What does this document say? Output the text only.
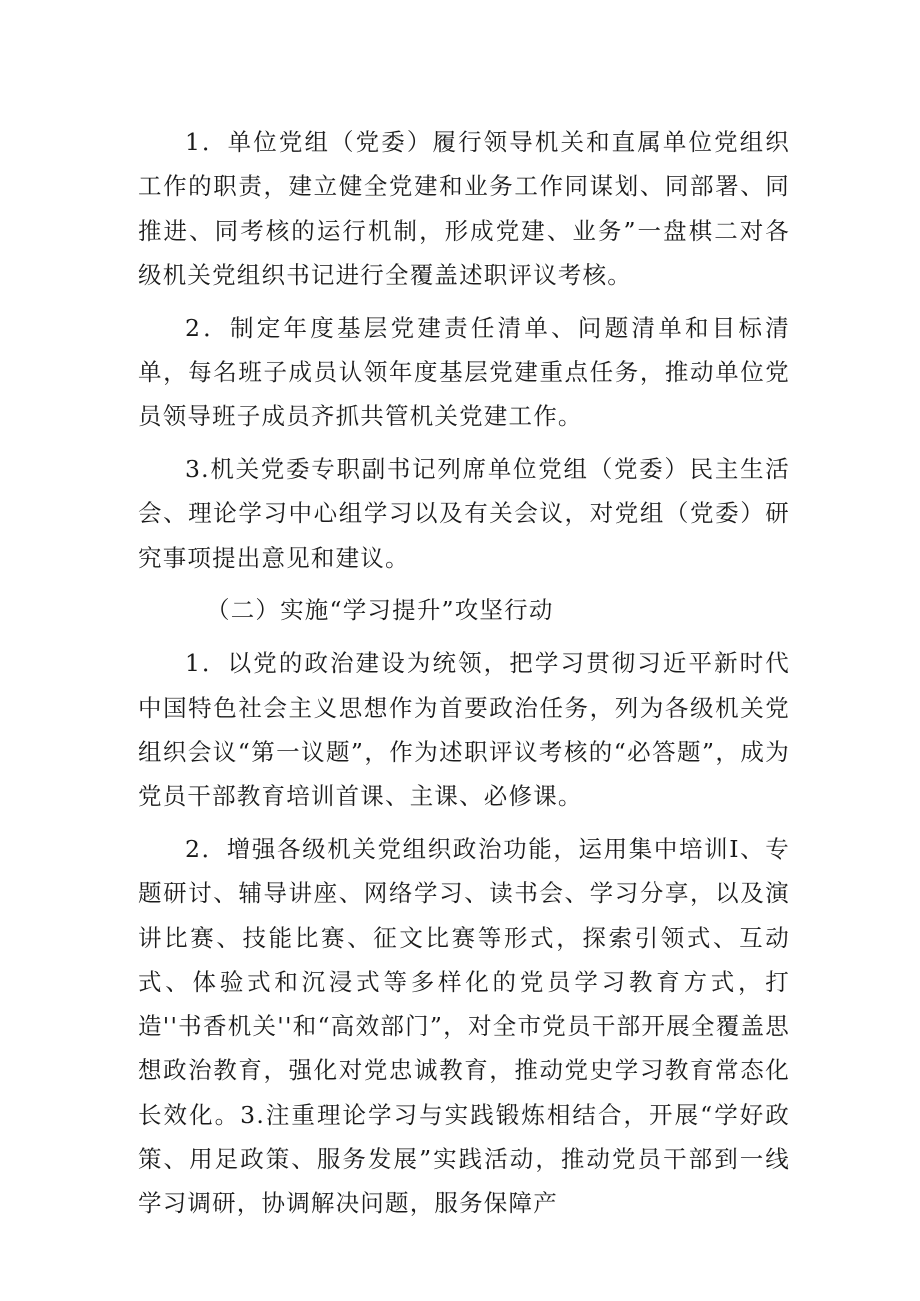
1．单位党组（党委）履行领导机关和直属单位党组织工作的职责，建立健全党建和业务工作同谋划、同部署、同推进、同考核的运行机制，形成党建、业务”一盘棋二对各级机关党组织书记进行全覆盖述职评议考核。

2．制定年度基层党建责任清单、问题清单和目标清单，每名班子成员认领年度基层党建重点任务，推动单位党员领导班子成员齐抓共管机关党建工作。

3.机关党委专职副书记列席单位党组（党委）民主生活会、理论学习中心组学习以及有关会议，对党组（党委）研究事项提出意见和建议。

（二）实施“学习提升”攻坚行动

1．以党的政治建设为统领，把学习贯彻习近平新时代中国特色社会主义思想作为首要政治任务，列为各级机关党组织会议“第一议题”，作为述职评议考核的“必答题”，成为党员干部教育培训首课、主课、必修课。

2．增强各级机关党组织政治功能，运用集中培训I、专题研讨、辅导讲座、网络学习、读书会、学习分享，以及演讲比赛、技能比赛、征文比赛等形式，探索引领式、互动式、体验式和沉浸式等多样化的党员学习教育方式，打造''书香机关''和“高效部门”，对全市党员干部开展全覆盖思想政治教育，强化对党忠诚教育，推动党史学习教育常态化长效化。3.注重理论学习与实践锻炼相结合，开展“学好政策、用足政策、服务发展”实践活动，推动党员干部到一线学习调研，协调解决问题，服务保障产
